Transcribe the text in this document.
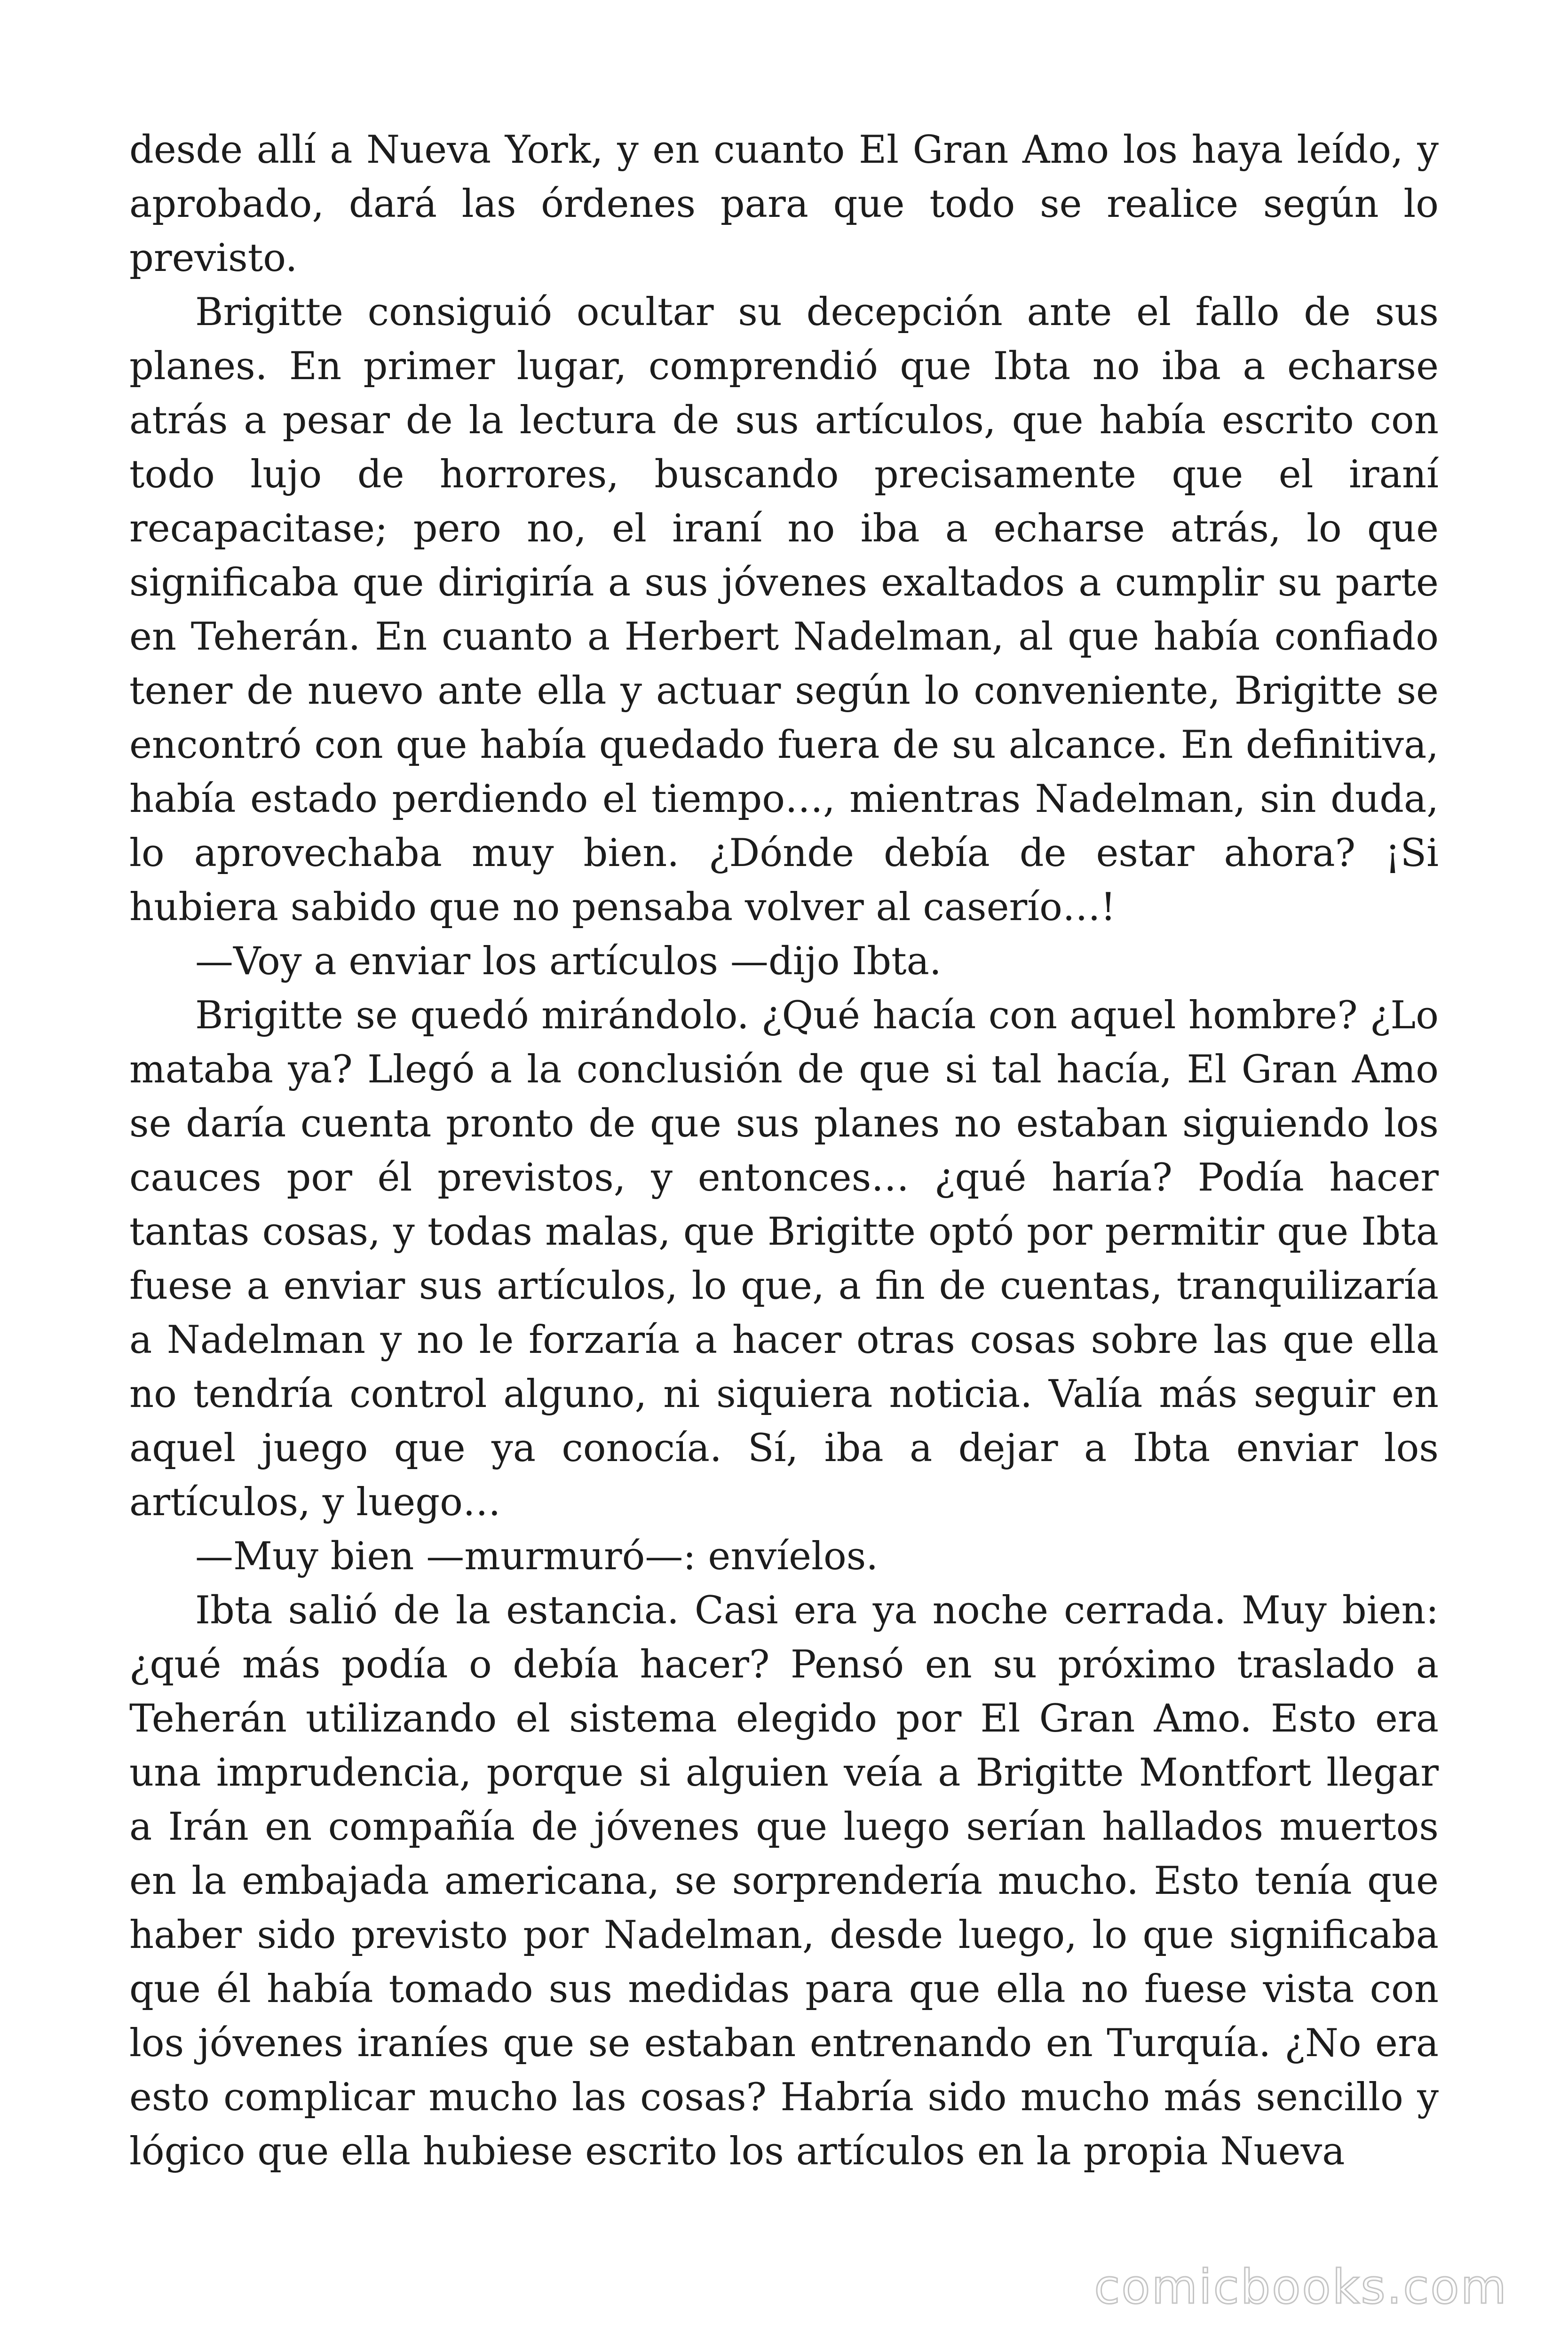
desde allí a Nueva York, y en cuanto El Gran Amo los haya leído, y aprobado, dará las órdenes para que todo se realice según lo previsto.

Brigitte consiguió ocultar su decepción ante el fallo de sus planes. En primer lugar, comprendió que Ibta no iba a echarse atrás a pesar de la lectura de sus artículos, que había escrito con todo lujo de horrores, buscando precisamente que el iraní recapacitase; pero no, el iraní no iba a echarse atrás, lo que significaba que dirigiría a sus jóvenes exaltados a cumplir su parte en Teherán. En cuanto a Herbert Nadelman, al que había confiado tener de nuevo ante ella y actuar según lo conveniente, Brigitte se encontró con que había quedado fuera de su alcance. En definitiva, había estado perdiendo el tiempo…, mientras Nadelman, sin duda, lo aprovechaba muy bien. ¿Dónde debía de estar ahora? ¡Si hubiera sabido que no pensaba volver al caserío…!

—Voy a enviar los artículos —dijo Ibta.

Brigitte se quedó mirándolo. ¿Qué hacía con aquel hombre? ¿Lo mataba ya? Llegó a la conclusión de que si tal hacía, El Gran Amo se daría cuenta pronto de que sus planes no estaban siguiendo los cauces por él previstos, y entonces… ¿qué haría? Podía hacer tantas cosas, y todas malas, que Brigitte optó por permitir que Ibta fuese a enviar sus artículos, lo que, a fin de cuentas, tranquilizaría a Nadelman y no le forzaría a hacer otras cosas sobre las que ella no tendría control alguno, ni siquiera noticia. Valía más seguir en aquel juego que ya conocía. Sí, iba a dejar a Ibta enviar los artículos, y luego…

—Muy bien —murmuró—: envíelos.

Ibta salió de la estancia. Casi era ya noche cerrada. Muy bien: ¿qué más podía o debía hacer? Pensó en su próximo traslado a Teherán utilizando el sistema elegido por El Gran Amo. Esto era una imprudencia, porque si alguien veía a Brigitte Montfort llegar a Irán en compañía de jóvenes que luego serían hallados muertos en la embajada americana, se sorprendería mucho. Esto tenía que haber sido previsto por Nadelman, desde luego, lo que significaba que él había tomado sus medidas para que ella no fuese vista con los jóvenes iraníes que se estaban entrenando en Turquía. ¿No era esto complicar mucho las cosas? Habría sido mucho más sencillo y lógico que ella hubiese escrito los artículos en la propia Nueva

comicbooks.com
